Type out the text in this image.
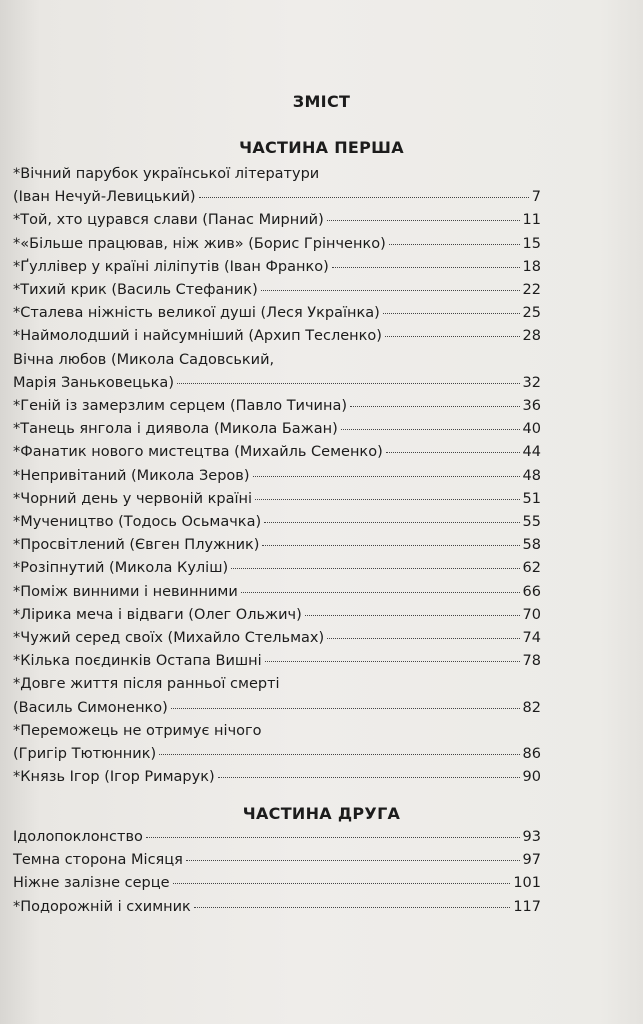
ЗМІСТ
ЧАСТИНА ПЕРША
*Вічний парубок української літератури
(Іван Нечуй-Левицький)	7
*Той, хто цурався слави (Панас Мирний)	11
*«Більше працював, ніж жив» (Борис Грінченко)	15
*Ґуллівер у країні ліліпутів (Іван Франко)	18
*Тихий крик (Василь Стефаник)	22
*Сталева ніжність великої душі (Леся Українка)	25
*Наймолодший і найсумніший (Архип Тесленко)	28
Вічна любов (Микола Садовський,
Марія Заньковецька)	32
*Геній із замерзлим серцем (Павло Тичина)	36
*Танець янгола і диявола (Микола Бажан)	40
*Фанатик нового мистецтва (Михайль Семенко)	44
*Непривітаний (Микола Зеров)	48
*Чорний день у червоній країні	51
*Мучеництво (Тодось Осьмачка)	55
*Просвітлений (Євген Плужник)	58
*Розіпнутий (Микола Куліш)	62
*Поміж винними і невинними	66
*Лірика меча і відваги (Олег Ольжич)	70
*Чужий серед своїх (Михайло Стельмах)	74
*Кілька поєдинків Остапа Вишні	78
*Довге життя після ранньої смерті
(Василь Симоненко)	82
*Переможець не отримує нічого
(Григір Тютюнник)	86
*Князь Ігор (Ігор Римарук)	90
ЧАСТИНА ДРУГА
Ідолопоклонство	93
Темна сторона Місяця	97
Ніжне залізне серце	101
*Подорожній і схимник	117
